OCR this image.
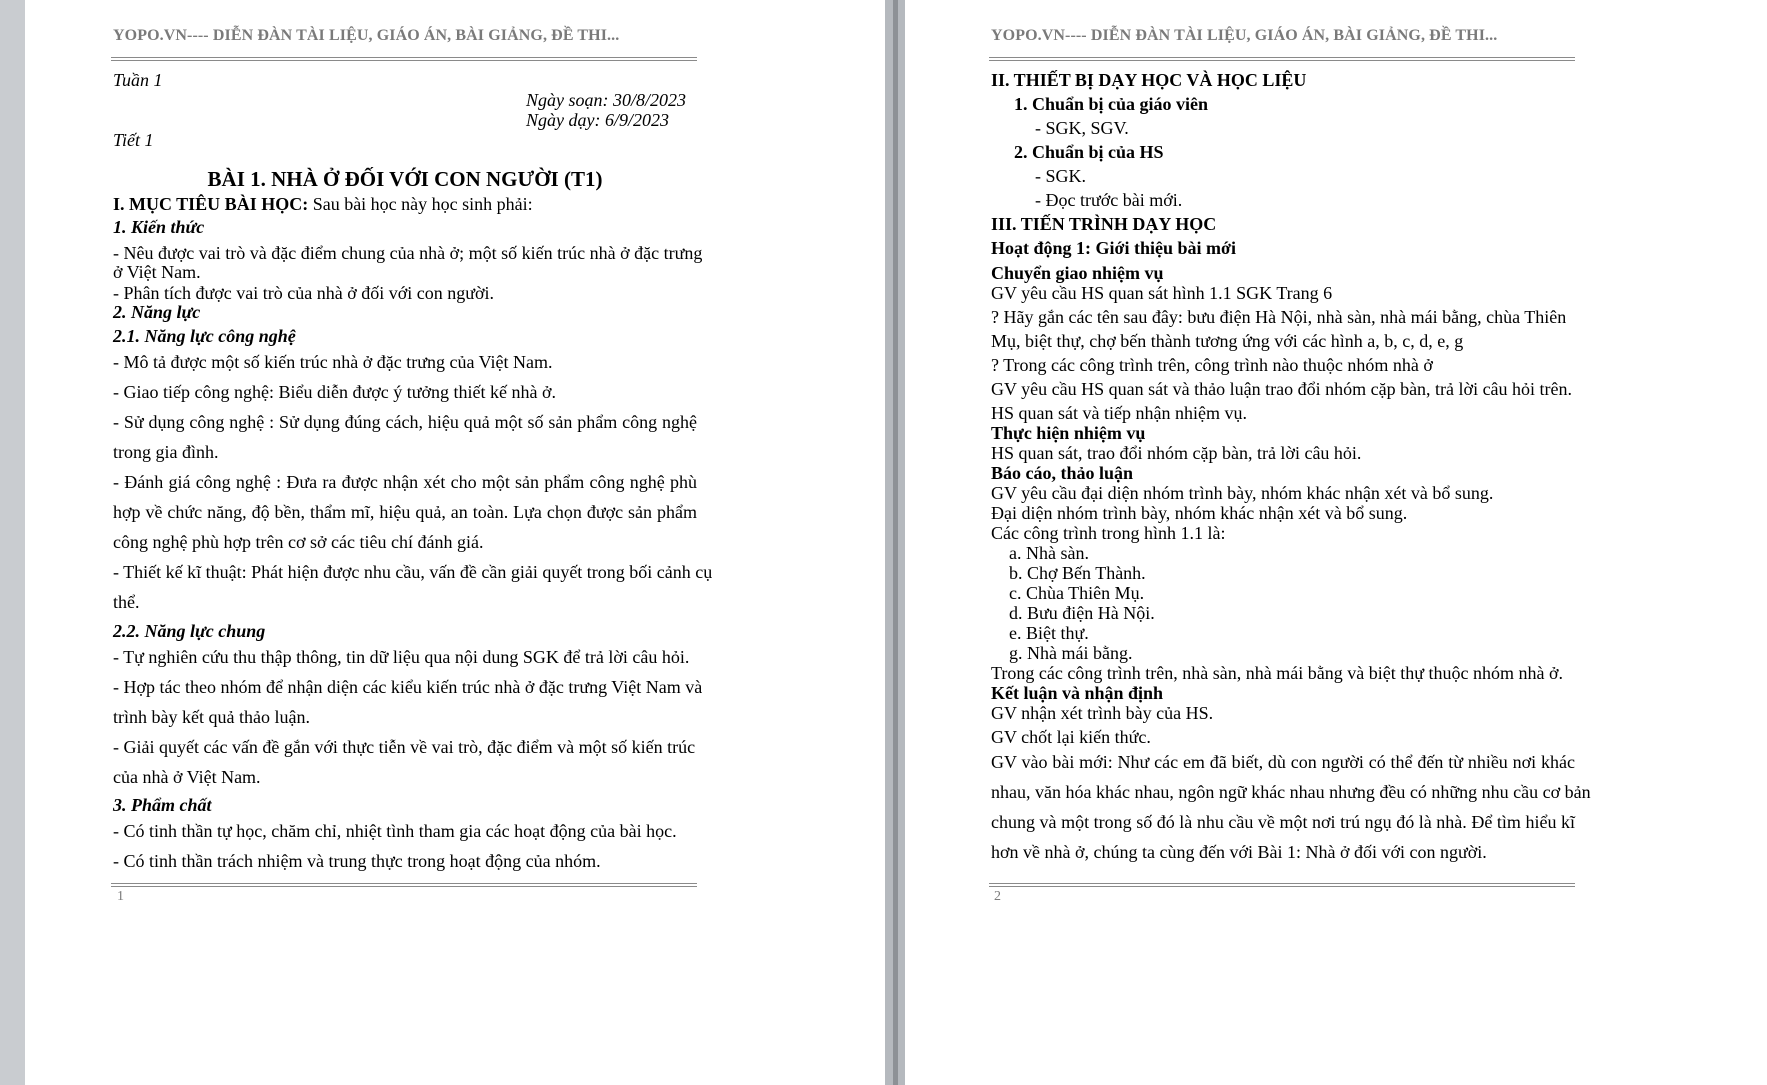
YOPO.VN---- DIỄN ĐÀN TÀI LIỆU, GIÁO ÁN, BÀI GIẢNG, ĐỀ THI...
Tuần 1
Ngày soạn: 30/8/2023
Ngày dạy: 6/9/2023
Tiết 1
BÀI 1. NHÀ Ở ĐỐI VỚI CON NGƯỜI (T1)
I. MỤC TIÊU BÀI HỌC: Sau bài học này học sinh phải:
1. Kiến thức
- Nêu được vai trò và đặc điểm chung của nhà ở; một số kiến trúc nhà ở đặc trưng
ở Việt Nam.
- Phân tích được vai trò của nhà ở đối với con người.
2. Năng lực
2.1. Năng lực công nghệ
- Mô tả được một số kiến trúc nhà ở đặc trưng của Việt Nam.
- Giao tiếp công nghệ: Biểu diễn được ý tưởng thiết kế nhà ở.
- Sử dụng công nghệ : Sử dụng đúng cách, hiệu quả một số sản phẩm công nghệ
trong gia đình.
- Đánh giá công nghệ : Đưa ra được nhận xét cho một sản phẩm công nghệ phù
hợp về chức năng, độ bền, thẩm mĩ, hiệu quả, an toàn. Lựa chọn được sản phẩm
công nghệ phù hợp trên cơ sở các tiêu chí đánh giá.
- Thiết kế kĩ thuật: Phát hiện được nhu cầu, vấn đề cần giải quyết trong bối cảnh cụ
thể.
2.2. Năng lực chung
- Tự nghiên cứu thu thập thông, tin dữ liệu qua nội dung SGK để trả lời câu hỏi.
- Hợp tác theo nhóm để nhận diện các kiểu kiến trúc nhà ở đặc trưng Việt Nam và
trình bày kết quả thảo luận.
- Giải quyết các vấn đề gắn với thực tiễn về vai trò, đặc điểm và một số kiến trúc
của nhà ở Việt Nam.
3. Phẩm chất
- Có tinh thần tự học, chăm chỉ, nhiệt tình tham gia các hoạt động của bài học.
- Có tinh thần trách nhiệm và trung thực trong hoạt động của nhóm.
1
YOPO.VN---- DIỄN ĐÀN TÀI LIỆU, GIÁO ÁN, BÀI GIẢNG, ĐỀ THI...
II. THIẾT BỊ DẠY HỌC VÀ HỌC LIỆU
1. Chuẩn bị của giáo viên
- SGK, SGV.
2. Chuẩn bị của HS
- SGK.
- Đọc trước bài mới.
III. TIẾN TRÌNH DẠY HỌC
Hoạt động 1: Giới thiệu bài mới
Chuyển giao nhiệm vụ
GV yêu cầu HS quan sát hình 1.1 SGK Trang 6
? Hãy gắn các tên sau đây: bưu điện Hà Nội, nhà sàn, nhà mái bằng, chùa Thiên
Mụ, biệt thự, chợ bến thành tương ứng với các hình a, b, c, d, e, g
? Trong các công trình trên, công trình nào thuộc nhóm nhà ở
GV yêu cầu HS quan sát và thảo luận trao đổi nhóm cặp bàn, trả lời câu hỏi trên.
HS quan sát và tiếp nhận nhiệm vụ.
Thực hiện nhiệm vụ
HS quan sát, trao đổi nhóm cặp bàn, trả lời câu hỏi.
Báo cáo, thảo luận
GV yêu cầu đại diện nhóm trình bày, nhóm khác nhận xét và bổ sung.
Đại diện nhóm trình bày, nhóm khác nhận xét và bổ sung.
Các công trình trong hình 1.1 là:
a. Nhà sàn.
b. Chợ Bến Thành.
c. Chùa Thiên Mụ.
d. Bưu điện Hà Nội.
e. Biệt thự.
g. Nhà mái bằng.
Trong các công trình trên, nhà sàn, nhà mái bằng và biệt thự thuộc nhóm nhà ở.
Kết luận và nhận định
GV nhận xét trình bày của HS.
GV chốt lại kiến thức.
GV vào bài mới: Như các em đã biết, dù con người có thể đến từ nhiều nơi khác
nhau, văn hóa khác nhau, ngôn ngữ khác nhau nhưng đều có những nhu cầu cơ bản
chung và một trong số đó là nhu cầu về một nơi trú ngụ đó là nhà. Để tìm hiểu kĩ
hơn về nhà ở, chúng ta cùng đến với Bài 1: Nhà ở đối với con người.
2
